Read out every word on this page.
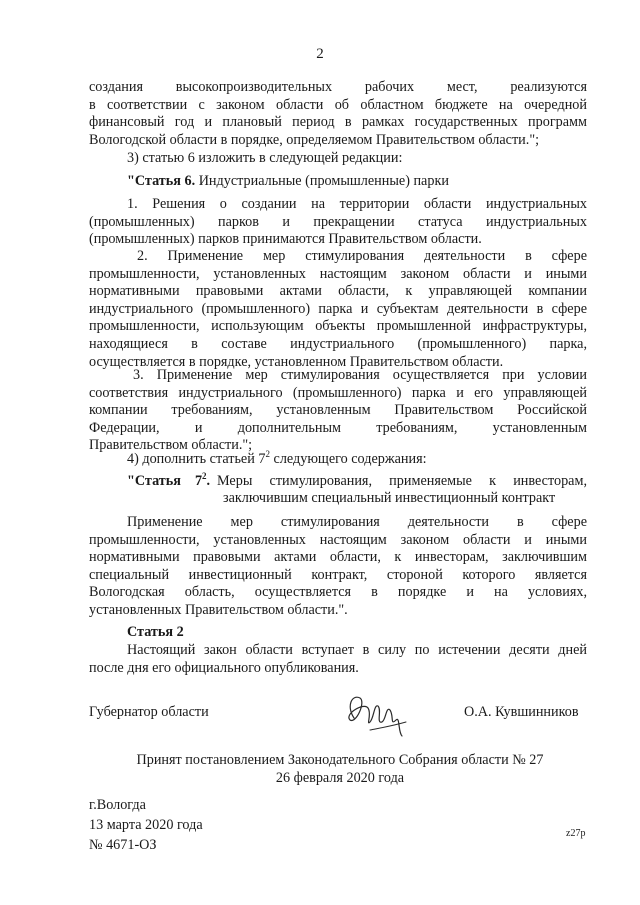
2
создания высокопроизводительных рабочих мест, реализуются
в соответствии с законом области об областном бюджете на очередной
финансовый год и плановый период в рамках государственных программ
Вологодской области в порядке, определяемом Правительством области.";
3) статью 6 изложить в следующей редакции:
"Статья 6. Индустриальные (промышленные) парки
1. Решения о создании на территории области индустриальных
(промышленных) парков и прекращении статуса индустриальных
(промышленных) парков принимаются Правительством области.
2. Применение мер стимулирования деятельности в сфере
промышленности, установленных настоящим законом области и иными
нормативными правовыми актами области, к управляющей компании
индустриального (промышленного) парка и субъектам деятельности в сфере
промышленности, использующим объекты промышленной инфраструктуры,
находящиеся в составе индустриального (промышленного) парка,
осуществляется в порядке, установленном Правительством области.
3. Применение мер стимулирования осуществляется при условии
соответствия индустриального (промышленного) парка и его управляющей
компании требованиям, установленным Правительством Российской
Федерации, и дополнительным требованиям, установленным
Правительством области.";
4) дополнить статьей $7^2$ следующего содержания:
"Статья $7^2$. Меры стимулирования, применяемые к инвесторам,
заключившим специальный инвестиционный контракт
Применение мер стимулирования деятельности в сфере
промышленности, установленных настоящим законом области и иными
нормативными правовыми актами области, к инвесторам, заключившим
специальный инвестиционный контракт, стороной которого является
Вологодская область, осуществляется в порядке и на условиях,
установленных Правительством области.".
Статья 2
Настоящий закон области вступает в силу по истечении десяти дней
после дня его официального опубликования.
Губернатор области	О.А. Кувшинников
Принят постановлением Законодательного Собрания области № 27
26 февраля 2020 года
г.Вологда
13 марта 2020 года
№ 4671-ОЗ
z27p
